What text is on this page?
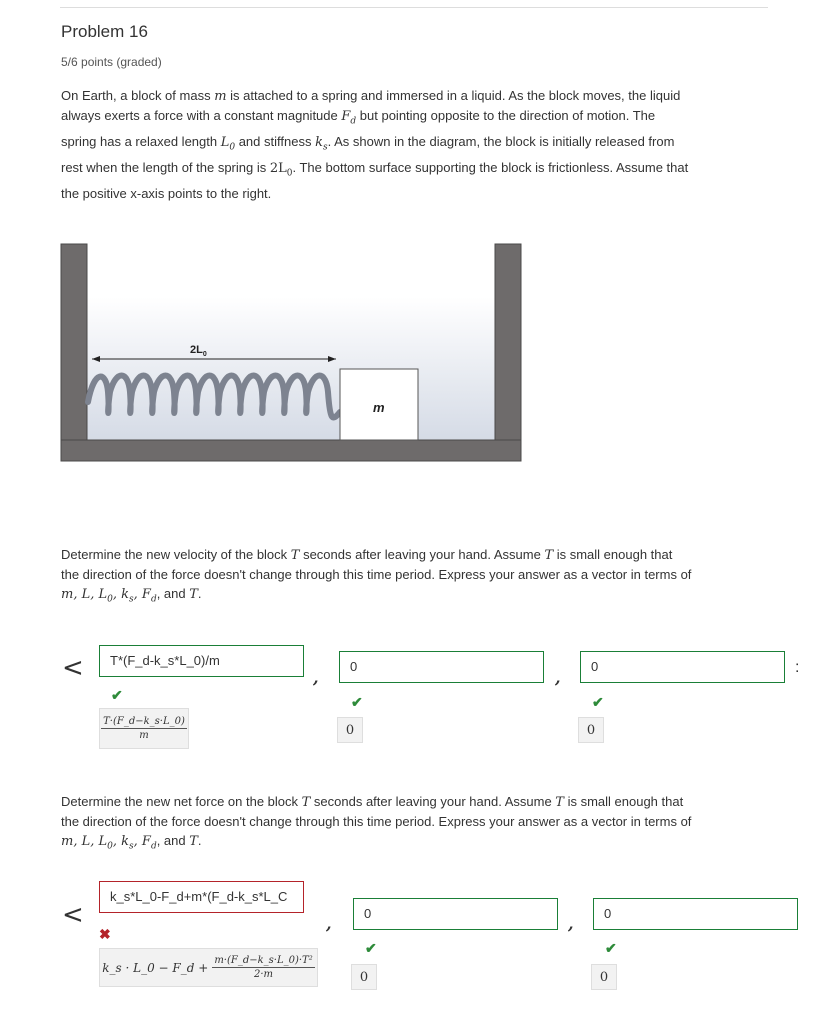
Problem 16
5/6 points (graded)
On Earth, a block of mass m is attached to a spring and immersed in a liquid. As the block moves, the liquid
always exerts a force with a constant magnitude $F_d$ but pointing opposite to the direction of motion. The
spring has a relaxed length $L_0$ and stiffness $k_s$. As shown in the diagram, the block is initially released from
rest when the length of the spring is $2L_0$. The bottom surface supporting the block is frictionless. Assume that
the positive x-axis points to the right.
$2L_0$
m
Determine the new velocity of the block T seconds after leaving your hand. Assume T is small enough that
the direction of the force doesn't change through this time period. Express your answer as a vector in terms of
m, L, $L_0$, $k_s$, $F_d$, and T.
<	T*(F_d-k_s*L_0)/m
,
0
,
0	:
✔	✔	✔
$\frac{T\cdot(F\_d-k\_s\cdot L\_0)}{m}$	0	0
Determine the new net force on the block T seconds after leaving your hand. Assume T is small enough that
the direction of the force doesn't change through this time period. Express your answer as a vector in terms of
m, L, $L_0$, $k_s$, $F_d$, and T.
<
k_s*L_0-F_d+m*(F_d-k_s*L_C
,
0
,
0
✖
✔	✔
k_s · L_0 − F_d + $\frac{\text{m·(F\_d−k\_s·L\_0)·T²}}{2\cdot m}$	0	0
